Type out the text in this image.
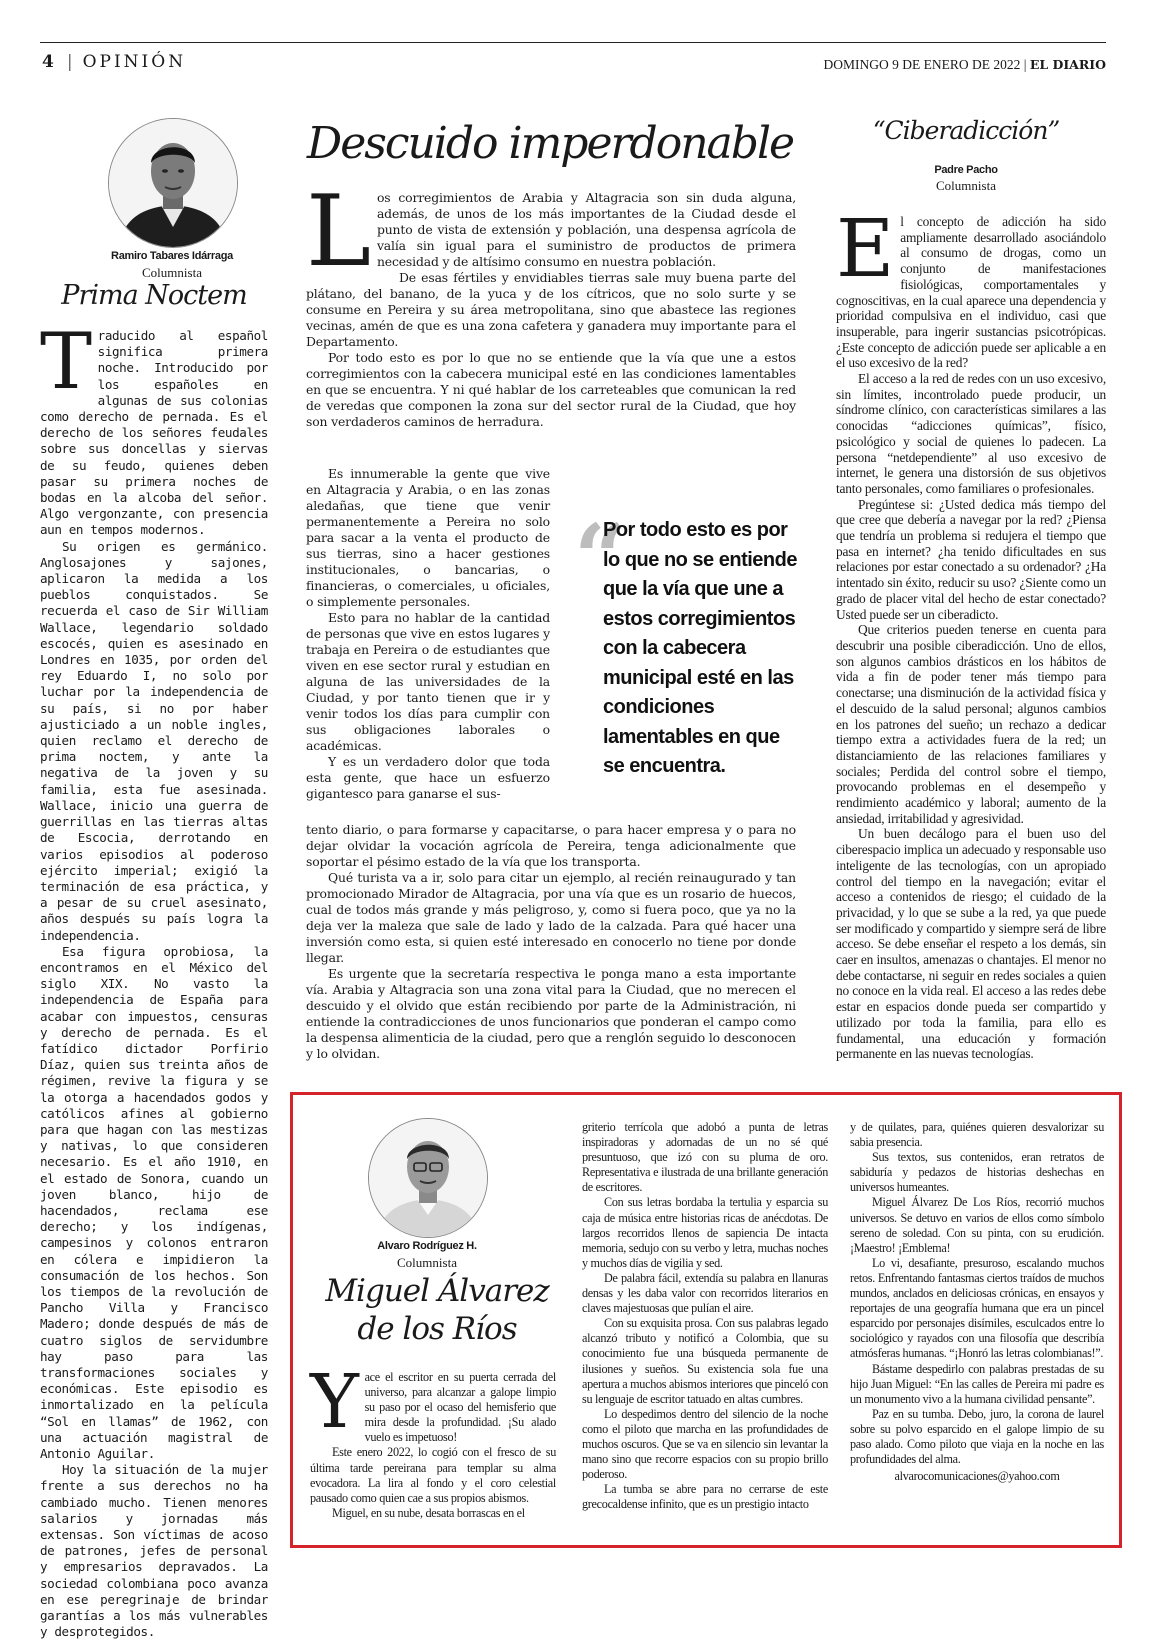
4 | OPINIÓN	DOMINGO 9 DE ENERO DE 2022 | EL DIARIO
Ramiro Tabares Idárraga
Columnista
Prima Noctem
T raducido al español significa primera noche. Introducido por los españoles en algunas de sus colonias como derecho de pernada. Es el derecho de los señores feudales sobre sus doncellas y siervas de su feudo, quienes deben pasar su primera noches de bodas en la alcoba del señor. Algo vergonzante, con presencia aun en tempos modernos.

Su origen es germánico. Anglosajones y sajones, aplicaron la medida a los pueblos conquistados. Se recuerda el caso de Sir William Wallace, legendario soldado escocés, quien es asesinado en Londres en 1035, por orden del rey Eduardo I, no solo por luchar por la independencia de su país, si no por haber ajusticiado a un noble ingles, quien reclamo el derecho de prima noctem, y ante la negativa de la joven y su familia, esta fue asesinada. Wallace, inicio una guerra de guerrillas en las tierras altas de Escocia, derrotando en varios episodios al poderoso ejército imperial; exigió la terminación de esa práctica, y a pesar de su cruel asesinato, años después su país logra la independencia.

Esa figura oprobiosa, la encontramos en el México del siglo XIX. No vasto la independencia de España para acabar con impuestos, censuras y derecho de pernada. Es el fatídico dictador Porfirio Díaz, quien sus treinta años de régimen, revive la figura y se la otorga a hacendados godos y católicos afines al gobierno para que hagan con las mestizas y nativas, lo que consideren necesario. Es el año 1910, en el estado de Sonora, cuando un joven blanco, hijo de hacendados, reclama ese derecho; y los indígenas, campesinos y colonos entraron en cólera e impidieron la consumación de los hechos. Son los tiempos de la revolución de Pancho Villa y Francisco Madero; donde después de más de cuatro siglos de servidumbre hay paso para las transformaciones sociales y económicas. Este episodio es inmortalizado en la película “Sol en llamas” de 1962, con una actuación magistral de Antonio Aguilar.

Hoy la situación de la mujer frente a sus derechos no ha cambiado mucho. Tienen menores salarios y jornadas más extensas. Son víctimas de acoso de patrones, jefes de personal y empresarios depravados. La sociedad colombiana poco avanza en ese peregrinaje de brindar garantías a los más vulnerables y desprotegidos.

Descuido imperdonable
L os corregimientos de Arabia y Altagracia son sin duda alguna, además, de unos de los más importantes de la Ciudad desde el punto de vista de extensión y población, una despensa agrícola de valía sin igual para el suministro de productos de primera necesidad y de altísimo consumo en nuestra población.

De esas fértiles y envidiables tierras sale muy buena parte del plátano, del banano, de la yuca y de los cítricos, que no solo surte y se consume en Pereira y su área metropolitana, sino que abastece las regiones vecinas, amén de que es una zona cafetera y ganadera muy importante para el Departamento.

Por todo esto es por lo que no se entiende que la vía que une a estos corregimientos con la cabecera municipal esté en las condiciones lamentables en que se encuentra. Y ni qué hablar de los carreteables que comunican la red de veredas que componen la zona sur del sector rural de la Ciudad, que hoy son verdaderos caminos de herradura.

Es innumerable la gente que vive en Altagracia y Arabia, o en las zonas aledañas, que tiene que venir permanentemente a Pereira no solo para sacar a la venta el producto de sus tierras, sino a hacer gestiones institucionales, o bancarias, o financieras, o comerciales, u oficiales, o simplemente personales.

Esto para no hablar de la cantidad de personas que vive en estos lugares y trabaja en Pereira o de estudiantes que viven en ese sector rural y estudian en alguna de las universidades de la Ciudad, y por tanto tienen que ir y venir todos los días para cumplir con sus obligaciones laborales o académicas.

Y es un verdadero dolor que toda esta gente, que hace un esfuerzo gigantesco para ganarse el sus-

“
Por todo esto es por lo que no se entiende que la vía que une a estos corregimientos con la cabecera municipal esté en las condiciones lamentables en que se encuentra.

tento diario, o para formarse y capacitarse, o para hacer empresa y o para no dejar olvidar la vocación agrícola de Pereira, tenga adicionalmente que soportar el pésimo estado de la vía que los transporta.

Qué turista va a ir, solo para citar un ejemplo, al recién reinaugurado y tan promocionado Mirador de Altagracia, por una vía que es un rosario de huecos, cual de todos más grande y más peligroso, y, como si fuera poco, que ya no la deja ver la maleza que sale de lado y lado de la calzada. Para qué hacer una inversión como esta, si quien esté interesado en conocerlo no tiene por donde llegar.

Es urgente que la secretaría respectiva le ponga mano a esta importante vía. Arabia y Altagracia son una zona vital para la Ciudad, que no merecen el descuido y el olvido que están recibiendo por parte de la Administración, ni entiende la contradicciones de unos funcionarios que ponderan el campo como la despensa alimenticia de la ciudad, pero que a renglón seguido lo desconocen y lo olvidan.

“Ciberadicción”
Padre Pacho
Columnista
E l concepto de adicción ha sido ampliamente desarrollado asociándolo al consumo de drogas, como un conjunto de manifestaciones fisiológicas, comportamentales y cognoscitivas, en la cual aparece una dependencia y prioridad compulsiva en el individuo, casi que insuperable, para ingerir sustancias psicotrópicas. ¿Este concepto de adicción puede ser aplicable a en el uso excesivo de la red?

El acceso a la red de redes con un uso excesivo, sin límites, incontrolado puede producir, un síndrome clínico, con características similares a las conocidas “adicciones químicas”, físico, psicológico y social de quienes lo padecen. La persona “netdependiente” al uso excesivo de internet, le genera una distorsión de sus objetivos tanto personales, como familiares o profesionales.

Pregúntese si: ¿Usted dedica más tiempo del que cree que debería a navegar por la red? ¿Piensa que tendría un problema si redujera el tiempo que pasa en internet? ¿ha tenido dificultades en sus relaciones por estar conectado a su ordenador? ¿Ha intentado sin éxito, reducir su uso? ¿Siente como un grado de placer vital del hecho de estar conectado? Usted puede ser un ciberadicto.

Que criterios pueden tenerse en cuenta para descubrir una posible ciberadicción. Uno de ellos, son algunos cambios drásticos en los hábitos de vida a fin de poder tener más tiempo para conectarse; una disminución de la actividad física y el descuido de la salud personal; algunos cambios en los patrones del sueño; un rechazo a dedicar tiempo extra a actividades fuera de la red; un distanciamiento de las relaciones familiares y sociales; Perdida del control sobre el tiempo, provocando problemas en el desempeño y rendimiento académico y laboral; aumento de la ansiedad, irritabilidad y agresividad.

Un buen decálogo para el buen uso del ciberespacio implica un adecuado y responsable uso inteligente de las tecnologías, con un apropiado control del tiempo en la navegación; evitar el acceso a contenidos de riesgo; el cuidado de la privacidad, y lo que se sube a la red, ya que puede ser modificado y compartido y siempre será de libre acceso. Se debe enseñar el respeto a los demás, sin caer en insultos, amenazas o chantajes. El menor no debe contactarse, ni seguir en redes sociales a quien no conoce en la vida real. El acceso a las redes debe estar en espacios donde pueda ser compartido y utilizado por toda la familia, para ello es fundamental, una educación y formación permanente en las nuevas tecnologías.

Alvaro Rodríguez H.
Columnista
Miguel Álvarez
de los Ríos
Y ace el escritor en su puerta cerrada del universo, para alcanzar a galope limpio su paso por el ocaso del hemisferio que mira desde la profundidad. ¡Su alado vuelo es impetuoso!

Este enero 2022, lo cogió con el fresco de su última tarde pereirana para templar su alma evocadora. La lira al fondo y el coro celestial pausado como quien cae a sus propios abismos.

Miguel, en su nube, desata borrascas en el

griterio terrícola que adobó a punta de letras inspiradoras y adornadas de un no sé qué presuntuoso, que izó con su pluma de oro. Representativa e ilustrada de una brillante generación de escritores.

Con sus letras bordaba la tertulia y esparcia su caja de música entre historias ricas de anécdotas. De largos recorridos llenos de sapiencia De intacta memoria, sedujo con su verbo y letra, muchas noches y muchos días de vigilia y sed.

De palabra fácil, extendía su palabra en llanuras densas y les daba valor con recorridos literarios en claves majestuosas que pulían el aire.

Con su exquisita prosa. Con sus palabras legado alcanzó tributo y notificó a Colombia, que su conocimiento fue una búsqueda permanente de ilusiones y sueños. Su existencia sola fue una apertura a muchos abismos interiores que pinceló con su lenguaje de escritor tatuado en altas cumbres.

Lo despedimos dentro del silencio de la noche como el piloto que marcha en las profundidades de muchos oscuros. Que se va en silencio sin levantar la mano sino que recorre espacios con su propio brillo poderoso.

La tumba se abre para no cerrarse de este grecocaldense infinito, que es un prestigio intacto

y de quilates, para, quiénes quieren desvalorizar su sabia presencia.

Sus textos, sus contenidos, eran retratos de sabiduría y pedazos de historias deshechas en universos humeantes.

Miguel Álvarez De Los Ríos, recorrió muchos universos. Se detuvo en varios de ellos como símbolo sereno de soledad. Con su pinta, con su erudición. ¡Maestro! ¡Emblema!

Lo vi, desafiante, presuroso, escalando muchos retos. Enfrentando fantasmas ciertos traídos de muchos mundos, anclados en deliciosas crónicas, en ensayos y reportajes de una geografía humana que era un pincel esparcido por personajes disímiles, esculcados entre lo sociológico y rayados con una filosofía que describía atmósferas humanas. “¡Honró las letras colombianas!”.

Bástame despedirlo con palabras prestadas de su hijo Juan Miguel: “En las calles de Pereira mi padre es un monumento vivo a la humana civilidad pensante”.

Paz en su tumba. Debo, juro, la corona de laurel sobre su polvo esparcido en el galope limpio de su paso alado. Como piloto que viaja en la noche en las profundidades del alma.

alvarocomunicaciones@yahoo.com
